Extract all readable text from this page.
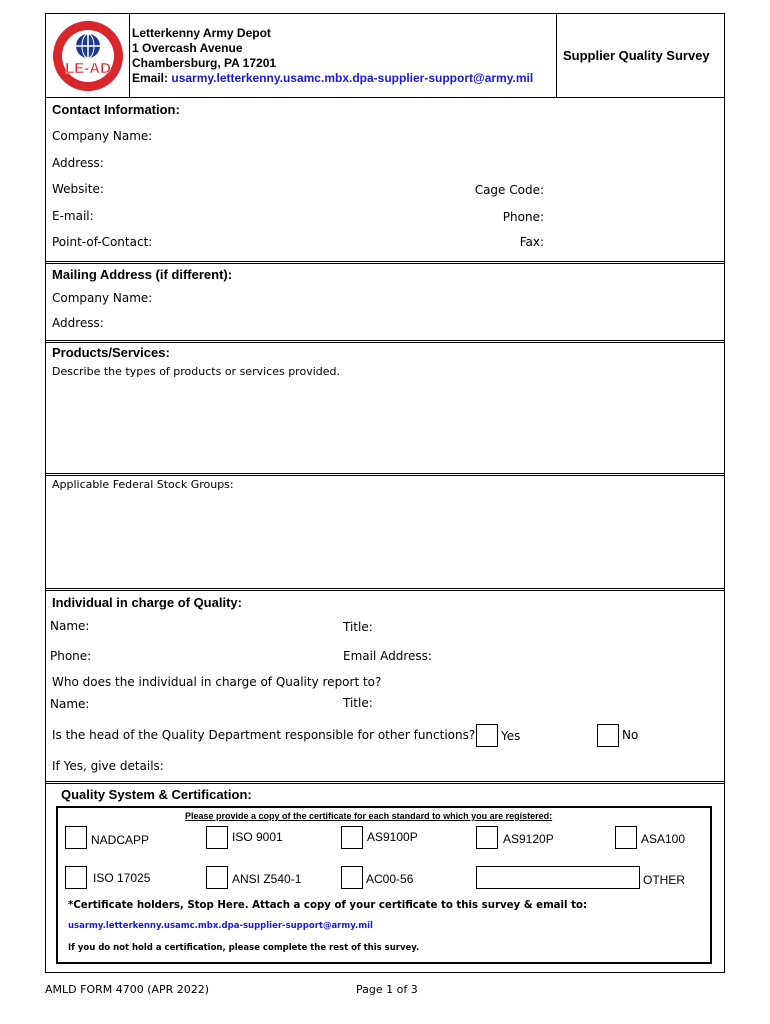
LE-AD
Letterkenny Army Depot
1 Overcash Avenue
Chambersburg, PA 17201
Email: usarmy.letterkenny.usamc.mbx.dpa-supplier-support@army.mil
Supplier Quality Survey
Contact Information:
Company Name:
Address:
Website:	Cage Code:
E-mail:	Phone:
Point-of-Contact:	Fax:
Mailing Address (if different):
Company Name:
Address:
Products/Services:
Describe the types of products or services provided.
Applicable Federal Stock Groups:
Individual in charge of Quality:
Name:	Title:
Phone:	Email Address:
Who does the individual in charge of Quality report to?
Name:	Title:
Is the head of the Quality Department responsible for other functions? Yes	No
If Yes, give details:
Quality System & Certification:
Please provide a copy of the certificate for each standard to which you are registered:
NADCAPP	ISO 9001	AS9100P	AS9120P	ASA100
ISO 17025	ANSI Z540-1	AC00-56	OTHER
*Certificate holders, Stop Here. Attach a copy of your certificate to this survey & email to:
usarmy.letterkenny.usamc.mbx.dpa-supplier-support@army.mil
If you do not hold a certification, please complete the rest of this survey.
AMLD FORM 4700 (APR 2022)	Page 1 of 3
